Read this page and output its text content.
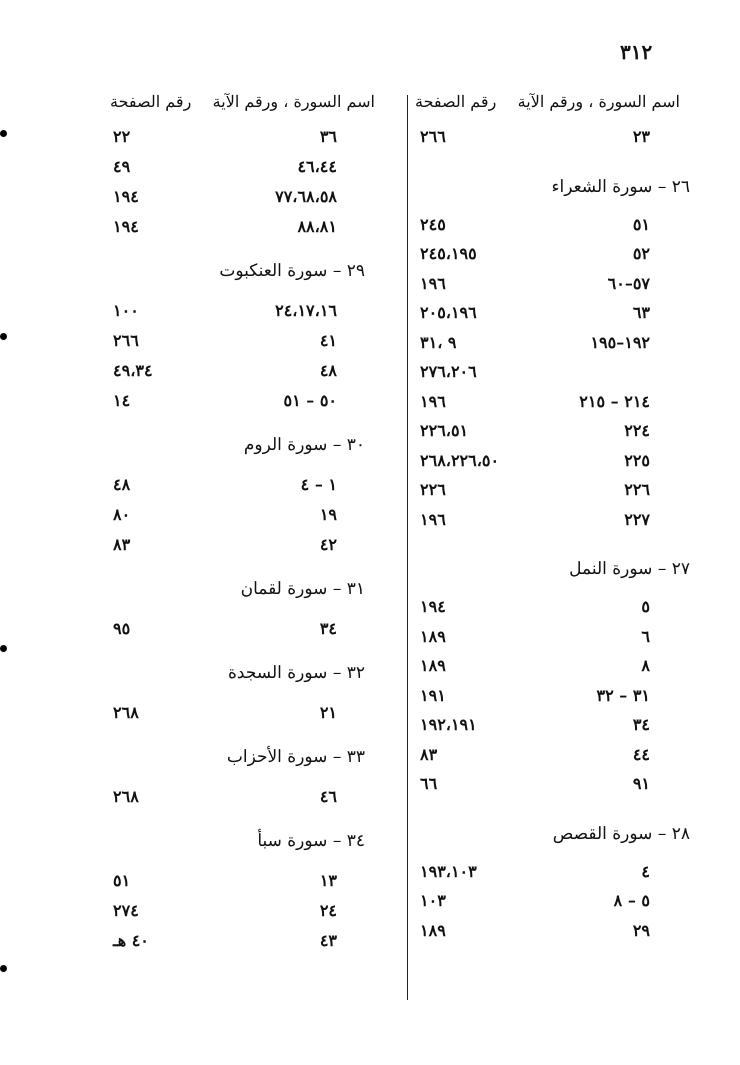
٣١٢
اسم السورة ، ورقم الآية
رقم الصفحة
٢٣
٢٦٦
٢٦ – سورة الشعراء
٥١
٢٤٥
٥٢
٢٤٥،١٩٥
٥٧–٦٠
١٩٦
٦٣
٢٠٥،١٩٦
١٩٢–١٩٥
٩ ،٣١
٢٧٦،٢٠٦
٢١٤ – ٢١٥
١٩٦
٢٢٤
٢٢٦،٥١
٢٢٥
٢٦٨،٢٢٦،٥٠
٢٢٦
٢٢٦
٢٢٧
١٩٦
٢٧ – سورة النمل
٥
١٩٤
٦
١٨٩
٨
١٨٩
٣١ – ٣٢
١٩١
٣٤
١٩٢،١٩١
٤٤
٨٣
٩١
٦٦
٢٨ – سورة القصص
٤
١٩٣،١٠٣
٥ – ٨
١٠٣
٢٩
١٨٩
اسم السورة ، ورقم الآية
رقم الصفحة
٣٦
٢٢
٤٦،٤٤
٤٩
٧٧،٦٨،٥٨
١٩٤
٨٨،٨١
١٩٤
٢٩ – سورة العنكبوت
٢٤،١٧،١٦
١٠٠
٤١
٢٦٦
٤٨
٤٩،٣٤
٥٠ – ٥١
١٤
٣٠ – سورة الروم
١ – ٤
٤٨
١٩
٨٠
٤٢
٨٣
٣١ – سورة لقمان
٣٤
٩٥
٣٢ – سورة السجدة
٢١
٢٦٨
٣٣ – سورة الأحزاب
٤٦
٢٦٨
٣٤ – سورة سبأ
١٣
٥١
٢٤
٢٧٤
٤٣
٤٠ هـ
